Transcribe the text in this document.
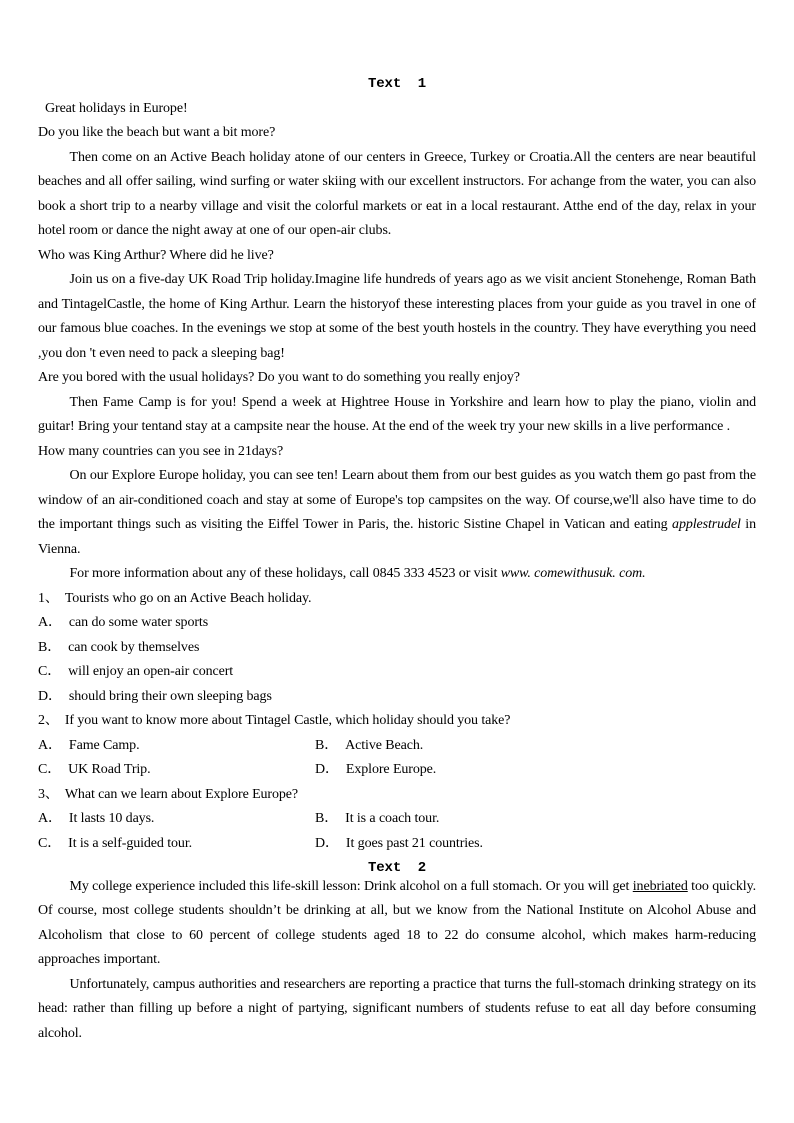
Text  1
Great holidays in Europe!
Do you like the beach but want a bit more?

Then come on an Active Beach holiday atone of our centers in Greece, Turkey or Croatia.All the centers are near beautiful beaches and all offer sailing, wind surfing or water skiing with our excellent instructors. For achange from the water, you can also book a short trip to a nearby village and visit the colorful markets or eat in a local restaurant. Atthe end of the day, relax in your hotel room or dance the night away at one of our open-air clubs.

Who was King Arthur? Where did he live?

Join us on a five-day UK Road Trip holiday.Imagine life hundreds of years ago as we visit ancient Stonehenge, Roman Bath and TintagelCastle, the home of King Arthur. Learn the historyof these interesting places from your guide as you travel in one of our famous blue coaches. In the evenings we stop at some of the best youth hostels in the country. They have everything you need ,you don 't even need to pack a sleeping bag!

Are you bored with the usual holidays? Do you want to do something you really enjoy?

Then Fame Camp is for you! Spend a week at Hightree House in Yorkshire and learn how to play the piano, violin and guitar! Bring your tentand stay at a campsite near the house. At the end of the week try your new skills in a live performance .

How many countries can you see in 21days?

On our Explore Europe holiday, you can see ten! Learn about them from our best guides as you watch them go past from the window of an air-conditioned coach and stay at some of Europe's top campsites on the way. Of course,we'll also have time to do the important things such as visiting the Eiffel Tower in Paris, the. historic Sistine Chapel in Vatican and eating applestrudel in Vienna.

For more information about any of these holidays, call 0845 333 4523 or visit www. comewithusuk. com.

1、 Tourists who go on an Active Beach holiday.
A． can do some water sports
B． can cook by themselves
C． will enjoy an open-air concert
D． should bring their own sleeping bags
2、 If you want to know more about Tintagel Castle, which holiday should you take?
A． Fame Camp.	B． Active Beach.
C． UK Road Trip.	D． Explore Europe.
3、 What can we learn about Explore Europe?
A． It lasts 10 days.	B． It is a coach tour.
C． It is a self-guided tour.	D． It goes past 21 countries.
Text  2

My college experience included this life-skill lesson: Drink alcohol on a full stomach. Or you will get inebriated too quickly. Of course, most college students shouldn’t be drinking at all, but we know from the National Institute on Alcohol Abuse and Alcoholism that close to 60 percent of college students aged 18 to 22 do consume alcohol, which makes harm-reducing approaches important.

Unfortunately, campus authorities and researchers are reporting a practice that turns the full-stomach drinking strategy on its head: rather than filling up before a night of partying, significant numbers of students refuse to eat all day before consuming alcohol.
